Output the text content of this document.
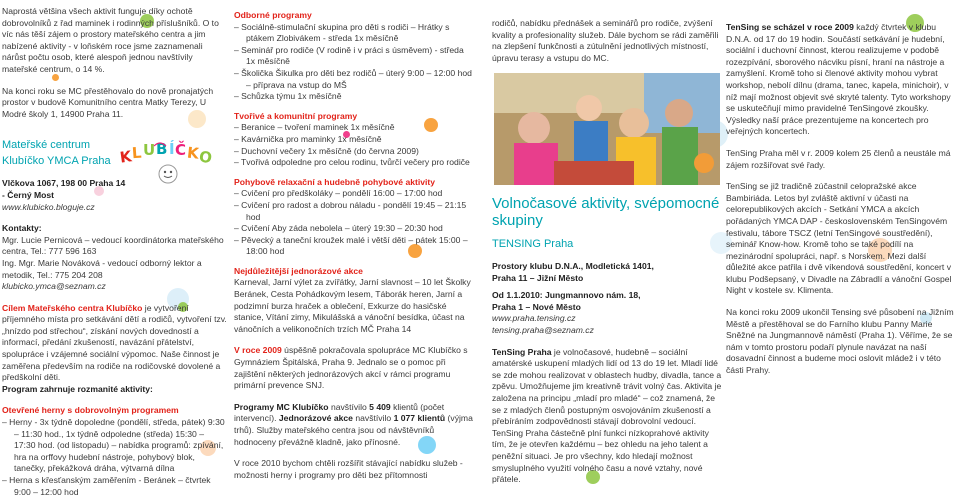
Naprostá většina všech aktivit funguje díky ochotě dobrovolníků z řad maminek i rodinných příslušníků. O to víc nás těší zájem o prostory mateřského centra a jim nabízené aktivity - v loňském roce jsme zaznamenali nárůst počtu osob, které alespoň jednou navštívily mateřské centrum, o 14 %.

Na konci roku se MC přestěhovalo do nově pronajatých prostor v budově Komunitního centra Matky Terezy, U Modré školy 1, 14900 Praha 11.

Mateřské centrum
Klubíčko YMCA Praha
Vlčkova 1067, 198 00 Praha 14
- Černý Most
www.klubicko.bloguje.cz
Kontakty:
Mgr. Lucie Pernicová – vedoucí koordinátorka mateřského centra, Tel.: 777 596 163
Ing. Mgr. Marie Nováková - vedoucí odborný lektor a metodik, Tel.: 775 204 208
klubicko.ymca@seznam.cz

Cílem Mateřského centra Klubíčko je vytvoření příjemného místa pro setkávání dětí a rodičů, vytvoření tzv. „hnízdo pod střechou“, získání nových dovedností a informací, předání zkušeností, navázání přátelství, spolupráce i vzájemné sociální výpomoc. Naše činnost je zaměřena především na rodiče na rodičovské dovolené a předškolní děti.

Program zahrnuje rozmanité aktivity:
Otevřené herny s dobrovolným programem
– Herny - 3x týdně dopoledne (pondělí, středa, pátek) 9:30 – 11:30 hod., 1x týdně odpoledne (středa) 15:30 – 17:30 hod. (od listopadu) – nabídka programů: zpívání, hra na orffovy hudební nástroje, pohybový blok, tanečky, překážková dráha, výtvarná dílna
– Herna s křesťanským zaměřením - Beránek – čtvrtek 9:00 – 12:00 hod
K
L U B Í Č K
O
Odborné programy
– Sociálně-stimulační skupina pro děti s rodiči – Hrátky s ptákem Zlobivákem - středa 1x měsíčně
– Seminář pro rodiče (V rodině i v práci s úsměvem) - středa 1x měsíčně
– Školička Šikulka pro děti bez rodičů – úterý 9:00 – 12:00 hod – příprava na vstup do MŠ
– Schůzka týmu 1x měsíčně
Tvořivé a komunitní programy
– Beranice – tvoření maminek 1x měsíčně
– Kavárnička pro maminky 1x měsíčně
– Duchovní večery 1x měsíčně (do června 2009)
– Tvořivá odpoledne pro celou rodinu, tvůrčí večery pro rodiče
Pohybově relaxační a hudebně pohybové aktivity
– Cvičení pro předškoláky – pondělí 16:00 – 17:00 hod
– Cvičení pro radost a dobrou náladu - pondělí 19:45 – 21:15 hod
– Cvičení Aby záda nebolela – úterý 19:30 – 20:30 hod
– Pěvecký a taneční kroužek malé i větší děti – pátek 15:00 – 18:00 hod
Nejdůležitější jednorázové akce

Karneval, Jarní výlet za zvířátky, Jarní slavnost – 10 let Školky Beránek, Cesta Pohádkovým lesem, Táborák heren, Jarní a podzimní burza hraček a oblečení, Exkurze do hasičské stanice, Vítání zimy, Mikulášská a vánoční besídka, účast na vánočních a velikonočních trzích MČ Praha 14

V roce 2009 úspěšně pokračovala spolupráce MC Klubíčko s Gymnáziem Špitálská, Praha 9. Jednalo se o pomoc při zajištění některých jednorázových akcí v rámci programu primární prevence SNJ.

Programy MC Klubíčko navštívilo 5 409 klientů (počet intervencí). Jednorázové akce navštívilo 1 077 klientů (výjma trhů). Služby mateřského centra jsou od návštěvníků hodnoceny převážně kladně, jako přínosné.

V roce 2010 bychom chtěli rozšířit stávající nabídku služeb - možnosti herny i programy pro děti bez přítomnosti

rodičů, nabídku přednášek a seminářů pro rodiče, zvýšení kvality a profesionality služeb. Dále bychom se rádi zaměřili na zlepšení funkčnosti a zútulnění jednotlivých místností, úpravu terasy a vstupu do MC.

Volnočasové aktivity, svépomocné skupiny
TENSING Praha
Prostory klubu D.N.A., Modletická 1401,
Praha 11 – Jižní Město
Od 1.1.2010: Jungmannovo nám. 18,
Praha 1 – Nové Město
www.praha.tensing.cz
tensing.praha@seznam.cz

TenSing Praha je volnočasové, hudebně – sociální amatérské uskupení mladých lidí od 13 do 19 let. Mladí lidé se zde mohou realizovat v oblastech hudby, divadla, tance a zpěvu. Umožňujeme jim kreativně trávit volný čas. Aktivita je založena na principu „mladí pro mladé“ – což znamená, že se z mladých členů postupným osvojováním zkušeností a přebíráním zodpovědnosti stávají dobrovolní vedoucí. TenSing Praha částečně plní funkci nízkoprahové aktivity tím, že je otevřen každému – bez ohledu na jeho talent a peněžní situaci. Je pro všechny, kdo hledají možnost smysluplného využití volného času a nové vztahy, nové přátele.

TenSing se scházel v roce 2009 každý čtvrtek v klubu D.N.A. od 17 do 19 hodin. Součástí setkávání je hudební, sociální i duchovní činnost, kterou realizujeme v podobě rozezpívání, sborového nácviku písní, hraní na nástroje a zamyšlení. Kromě toho si členové aktivity mohou vybrat workshop, nebolí dílnu (drama, tanec, kapela, minichoir), v níž mají možnost objevit své skryté talenty. Tyto workshopy se uskutečňují mimo pravidelné TenSingové zkoušky. Výsledky naší práce prezentujeme na koncertech pro veřejných koncertech.

TenSing Praha měl v r. 2009 kolem 25 členů a neustále má zájem rozšiřovat své řady.

TenSing se již tradičně zúčastnil celopražské akce Bambiriáda. Letos byl zvláště aktivní v účasti na celorepublikových akcích - Setkání YMCA a akcích pořádaných YMCA DAP - československém TenSingovém festivalu, tábore TSCZ (letní TenSingové soustředění), seminář Know-how. Kromě toho se také podílí na mezinárodní spolupráci, např. s Norskem. Mezi další důležité akce patřila i dvě víkendová soustředění, koncert v klubu Podšepsaný, v Divadle na Zábradlí a vánoční Gospel Night v kostele sv. Klimenta.

Na konci roku 2009 ukončil Tensing své působení na Jižním Městě a přestěhoval se do Farního klubu Panny Marie Sněžné na Jungmannově náměstí (Praha 1). Věříme, že se nám v tomto prostoru podaří plynule navázat na naší dosavadní činnost a budeme moci oslovit mládež i v této části Prahy.
